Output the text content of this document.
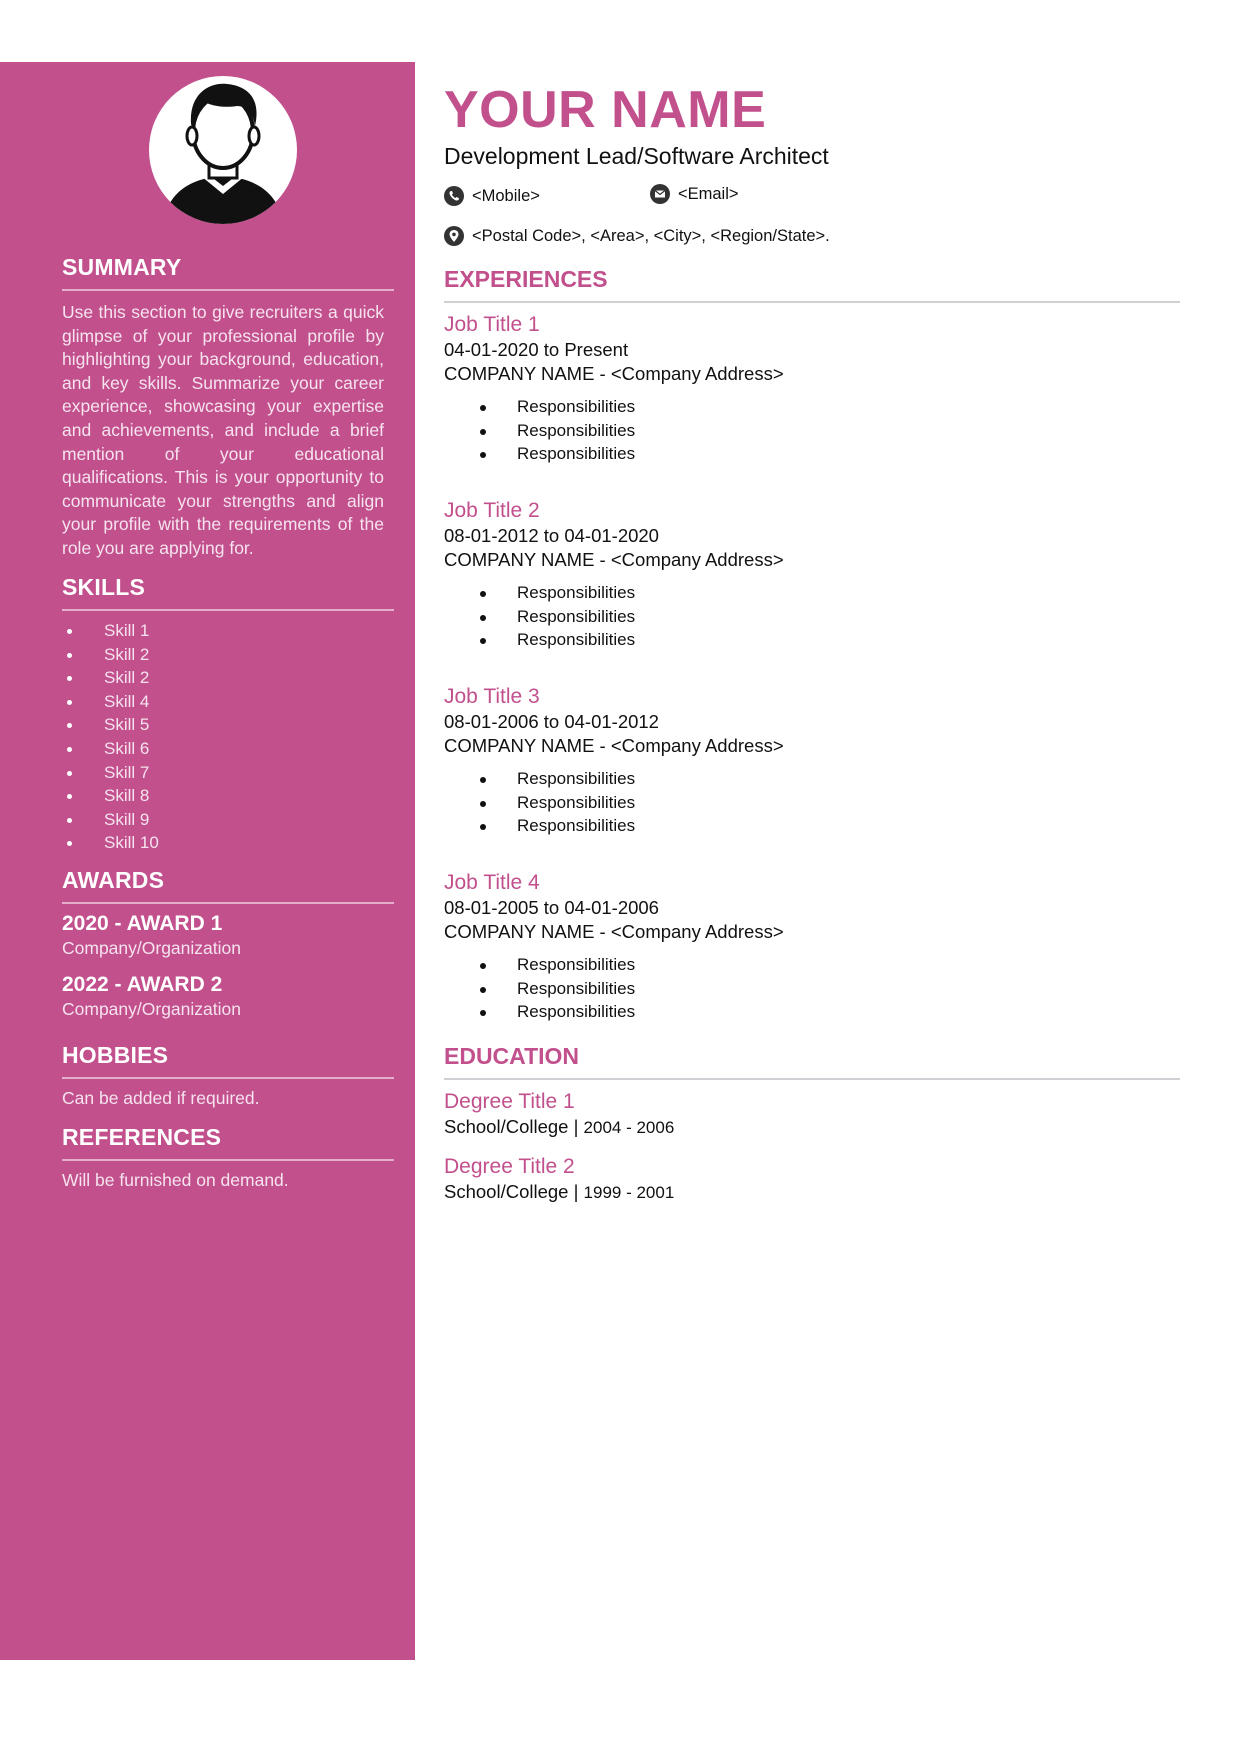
SUMMARY

Use this section to give recruiters a quick glimpse of your professional profile by highlighting your background, education, and key skills. Summarize your career experience, showcasing your expertise and achievements, and include a brief mention of your educational qualifications. This is your opportunity to communicate your strengths and align your profile with the requirements of the role you are applying for.

SKILLS
Skill 1
Skill 2
Skill 2
Skill 4
Skill 5
Skill 6
Skill 7
Skill 8
Skill 9
Skill 10
AWARDS

2020 - AWARD 1

Company/Organization

2022 - AWARD 2

Company/Organization

HOBBIES

Can be added if required.

REFERENCES

Will be furnished on demand.

YOUR NAME

Development Lead/Software Architect

<Mobile>	<Email>
<Postal Code>, <Area>, <City>, <Region/State>.
EXPERIENCES

Job Title 1

04-01-2020 to Present

COMPANY NAME - <Company Address>

Responsibilities
Responsibilities
Responsibilities

Job Title 2

08-01-2012 to 04-01-2020

COMPANY NAME - <Company Address>

Responsibilities
Responsibilities
Responsibilities

Job Title 3

08-01-2006 to 04-01-2012

COMPANY NAME - <Company Address>

Responsibilities
Responsibilities
Responsibilities

Job Title 4

08-01-2005 to 04-01-2006

COMPANY NAME - <Company Address>

Responsibilities
Responsibilities
Responsibilities
EDUCATION

Degree Title 1

School/College | 2004 - 2006

Degree Title 2

School/College | 1999 - 2001
